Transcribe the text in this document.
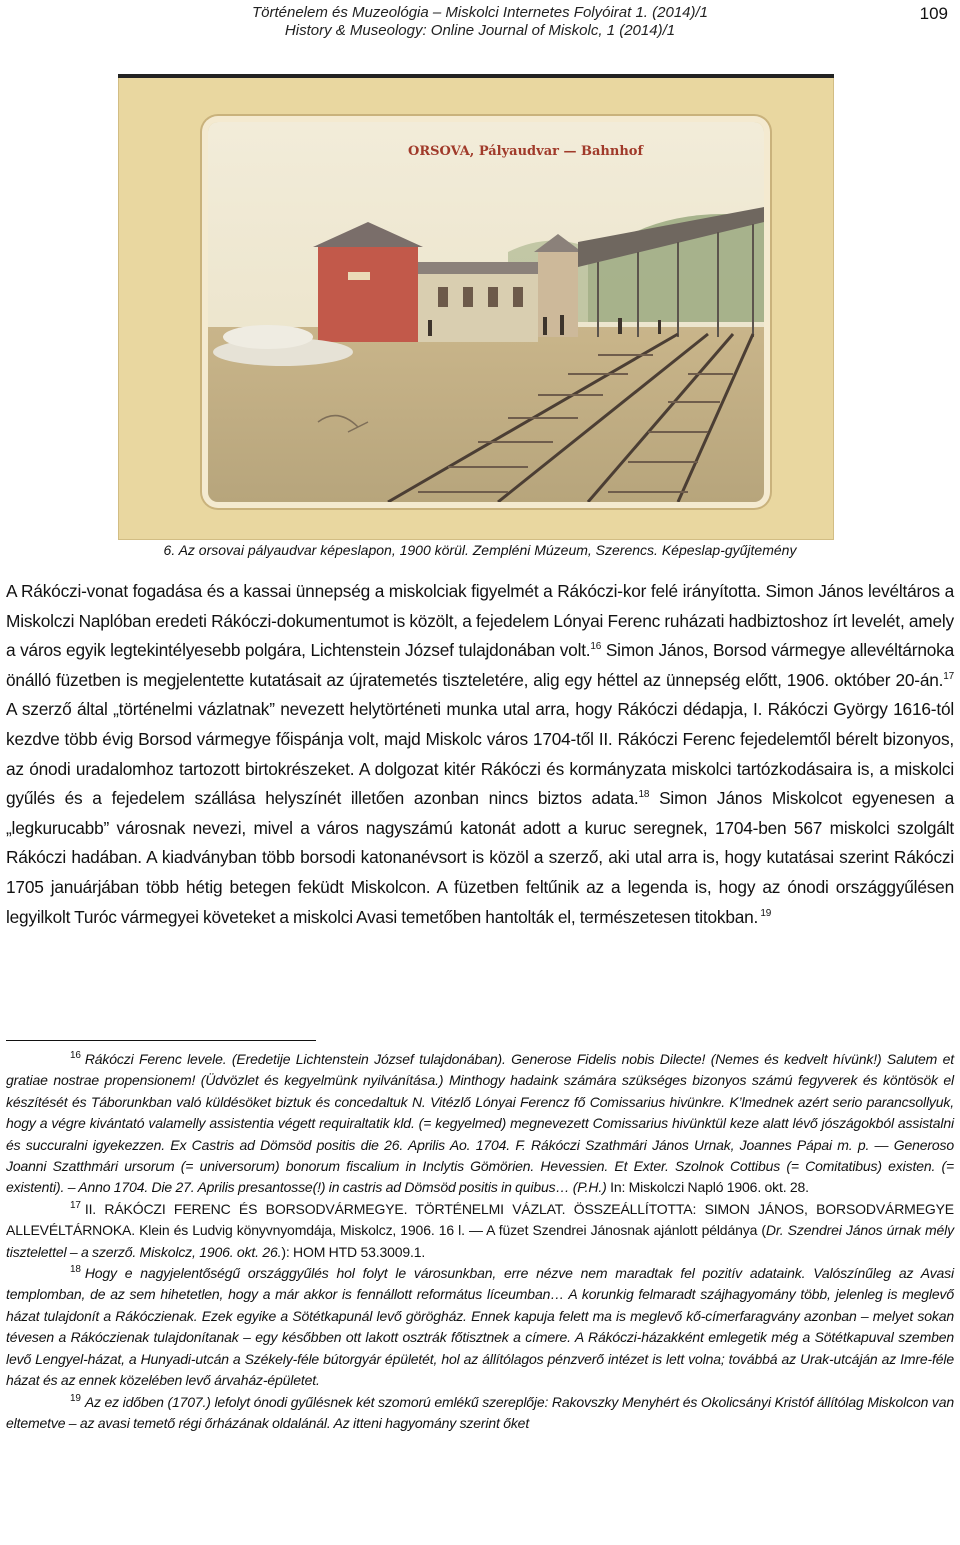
Történelem és Muzeológia – Miskolci Internetes Folyóirat 1. (2014)/1
History & Museology: Online Journal of Miskolc, 1 (2014)/1
109
ORSOVA, Pályaudvar — Bahnhof
6. Az orsovai pályaudvar képeslapon, 1900 körül. Zempléni Múzeum, Szerencs. Képeslap-gyűjtemény

A Rákóczi-vonat fogadása és a kassai ünnepség a miskolciak figyelmét a Rákóczi-kor felé irányította. Simon János levéltáros a Miskolczi Naplóban eredeti Rákóczi-dokumentumot is közölt, a fejedelem Lónyai Ferenc ruházati hadbiztoshoz írt levelét, amely a város egyik legtekintélyesebb polgára, Lichtenstein József tulajdonában volt.$^{16}$ Simon János, Borsod vármegye allevéltárnoka önálló füzetben is megjelentette kutatásait az újratemetés tiszteletére, alig egy héttel az ünnepség előtt, 1906. október 20-án.$^{17}$ A szerző által „történelmi vázlatnak” nevezett helytörténeti munka utal arra, hogy Rákóczi dédapja, I. Rákóczi György 1616-tól kezdve több évig Borsod vármegye főispánja volt, majd Miskolc város 1704-től II. Rákóczi Ferenc fejedelemtől bérelt bizonyos, az ónodi uradalomhoz tartozott birtokrészeket. A dolgozat kitér Rákóczi és kormányzata miskolci tartózkodásaira is, a miskolci gyűlés és a fejedelem szállása helyszínét illetően azonban nincs biztos adata.$^{18}$ Simon János Miskolcot egyenesen a „legkurucabb” városnak nevezi, mivel a város nagyszámú katonát adott a kuruc seregnek, 1704-ben 567 miskolci szolgált Rákóczi hadában. A kiadványban több borsodi katonanévsort is közöl a szerző, aki utal arra is, hogy kutatásai szerint Rákóczi 1705 januárjában több hétig betegen feküdt Miskolcon. A füzetben feltűnik az a legenda is, hogy az ónodi országgyűlésen legyilkolt Turóc vármegyei követeket a miskolci Avasi temetőben hantolták el, természetesen titokban. $^{19}$

$^{16}$ Rákóczi Ferenc levele. (Eredetije Lichtenstein József tulajdonában). Generose Fidelis nobis Dilecte! (Nemes és kedvelt hívünk!) Salutem et gratiae nostrae propensionem! (Üdvözlet és kegyelmünk nyilvánítása.) Minthogy hadaink számára szükséges bizonyos számú fegyverek és köntösök el készítését és Táborunkban való küldésöket biztuk és concedaltuk N. Vitézlő Lónyai Ferencz fő Comissarius hivünkre. K’lmednek azért serio parancsollyuk, hogy a végre kivántató valamelly assistentia végett requiraltatik kld. (= kegyelmed) megnevezett Comissarius hivünktül keze alatt lévő jószágokból assistalni és succuralni igyekezzen. Ex Castris ad Dömsöd positis die 26. Aprilis Ao. 1704. F. Rákóczi Szathmári János Urnak, Joannes Pápai m. p. — Generoso Joanni Szatthmári ursorum (= universorum) bonorum fiscalium in Inclytis Gömörien. Hevessien. Et Exter. Szolnok Cottibus (= Comitatibus) existen. (= existenti). – Anno 1704. Die 27. Aprilis presantosse(!) in castris ad Dömsöd positis in quibus… (P.H.) In: Miskolczi Napló 1906. okt. 28.

$^{17}$ II. RÁKÓCZI FERENC ÉS BORSODVÁRMEGYE. TÖRTÉNELMI VÁZLAT. ÖSSZEÁLLÍTOTTA: SIMON JÁNOS, BORSODVÁRMEGYE ALLEVÉLTÁRNOKA. Klein és Ludvig könyvnyomdája, Miskolcz, 1906. 16 l. — A füzet Szendrei Jánosnak ajánlott példánya (Dr. Szendrei János úrnak mély tisztelettel – a szerző. Miskolcz, 1906. okt. 26.): HOM HTD 53.3009.1.

$^{18}$ Hogy e nagyjelentőségű országgyűlés hol folyt le városunkban, erre nézve nem maradtak fel pozitív adataink. Valószínűleg az Avasi templomban, de az sem hihetetlen, hogy a már akkor is fennállott református líceumban… A korunkig felmaradt szájhagyomány több, jelenleg is meglevő házat tulajdonít a Rákóczienak. Ezek egyike a Sötétkapunál levő görögház. Ennek kapuja felett ma is meglevő kő-címerfaragvány azonban – melyet sokan tévesen a Rákóczienak tulajdonítanak – egy későbben ott lakott osztrák főtisztnek a címere. A Rákóczi-házakként emlegetik még a Sötétkapuval szemben levő Lengyel-házat, a Hunyadi-utcán a Székely-féle bútorgyár épületét, hol az állítólagos pénzverő intézet is lett volna; továbbá az Urak-utcáján az Imre-féle házat és az ennek közelében levő árvaház-épületet.

$^{19}$ Az ez időben (1707.) lefolyt ónodi gyűlésnek két szomorú emlékű szereplője: Rakovszky Menyhért és Okolicsányi Kristóf állítólag Miskolcon van eltemetve – az avasi temető régi őrházának oldalánál. Az itteni hagyomány szerint őket
